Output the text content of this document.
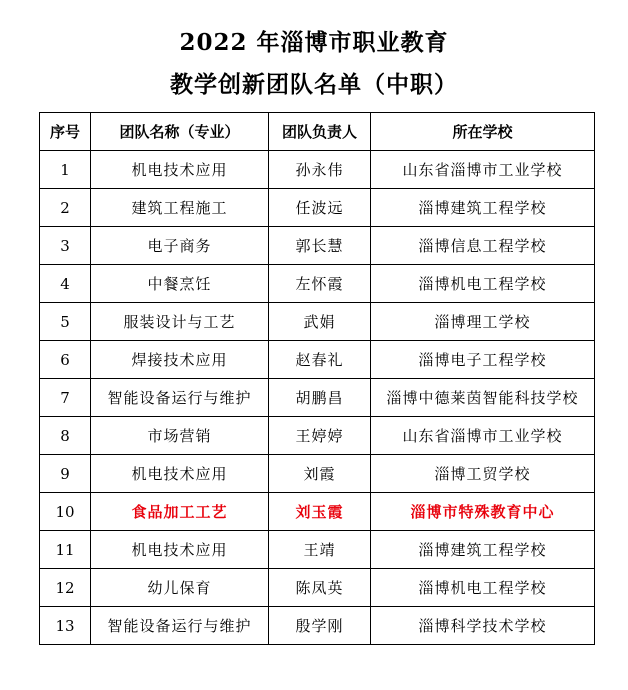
2022 年淄博市职业教育
教学创新团队名单（中职）
序号	团队名称（专业）	团队负责人	所在学校
1	机电技术应用	孙永伟	山东省淄博市工业学校
2	建筑工程施工	任波远	淄博建筑工程学校
3	电子商务	郭长慧	淄博信息工程学校
4	中餐烹饪	左怀霞	淄博机电工程学校
5	服装设计与工艺	武娟	淄博理工学校
6	焊接技术应用	赵春礼	淄博电子工程学校
7	智能设备运行与维护	胡鹏昌	淄博中德莱茵智能科技学校
8	市场营销	王婷婷	山东省淄博市工业学校
9	机电技术应用	刘霞	淄博工贸学校
10	食品加工工艺	刘玉霞	淄博市特殊教育中心
11	机电技术应用	王靖	淄博建筑工程学校
12	幼儿保育	陈凤英	淄博机电工程学校
13	智能设备运行与维护	殷学刚	淄博科学技术学校
